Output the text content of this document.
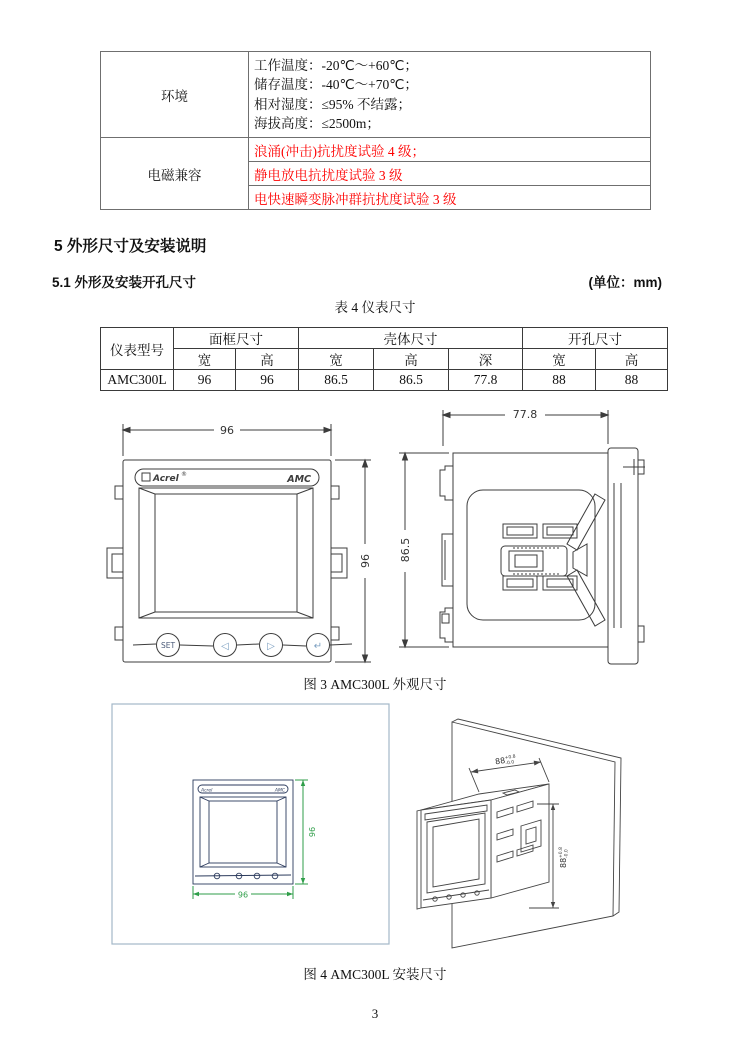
环境	工作温度：-20℃～+60℃；
储存温度：-40℃～+70℃；
相对湿度：≤95% 不结露；
海拔高度：≤2500m；

电磁兼容	浪涌(冲击)抗扰度试验 4 级；
	静电放电抗扰度试验 3 级
	电快速瞬变脉冲群抗扰度试验 3 级
5 外形尺寸及安装说明
5.1 外形及安装开孔尺寸	(单位：mm)
表 4 仪表尺寸
仪表型号	面框尺寸		壳体尺寸			开孔尺寸	
	宽	高	宽	高	深	宽	高
AMC300L	96	96	86.5	86.5	77.8	88	88
Acrel ®	AMC
SET	◁	▷	↵
96
96
77.8
86.5
图 3 AMC300L 外观尺寸
Acrel	AMC
96
96
88
+0.8
-0.0
88
+0.8 -0.0
图 4 AMC300L 安装尺寸
3
